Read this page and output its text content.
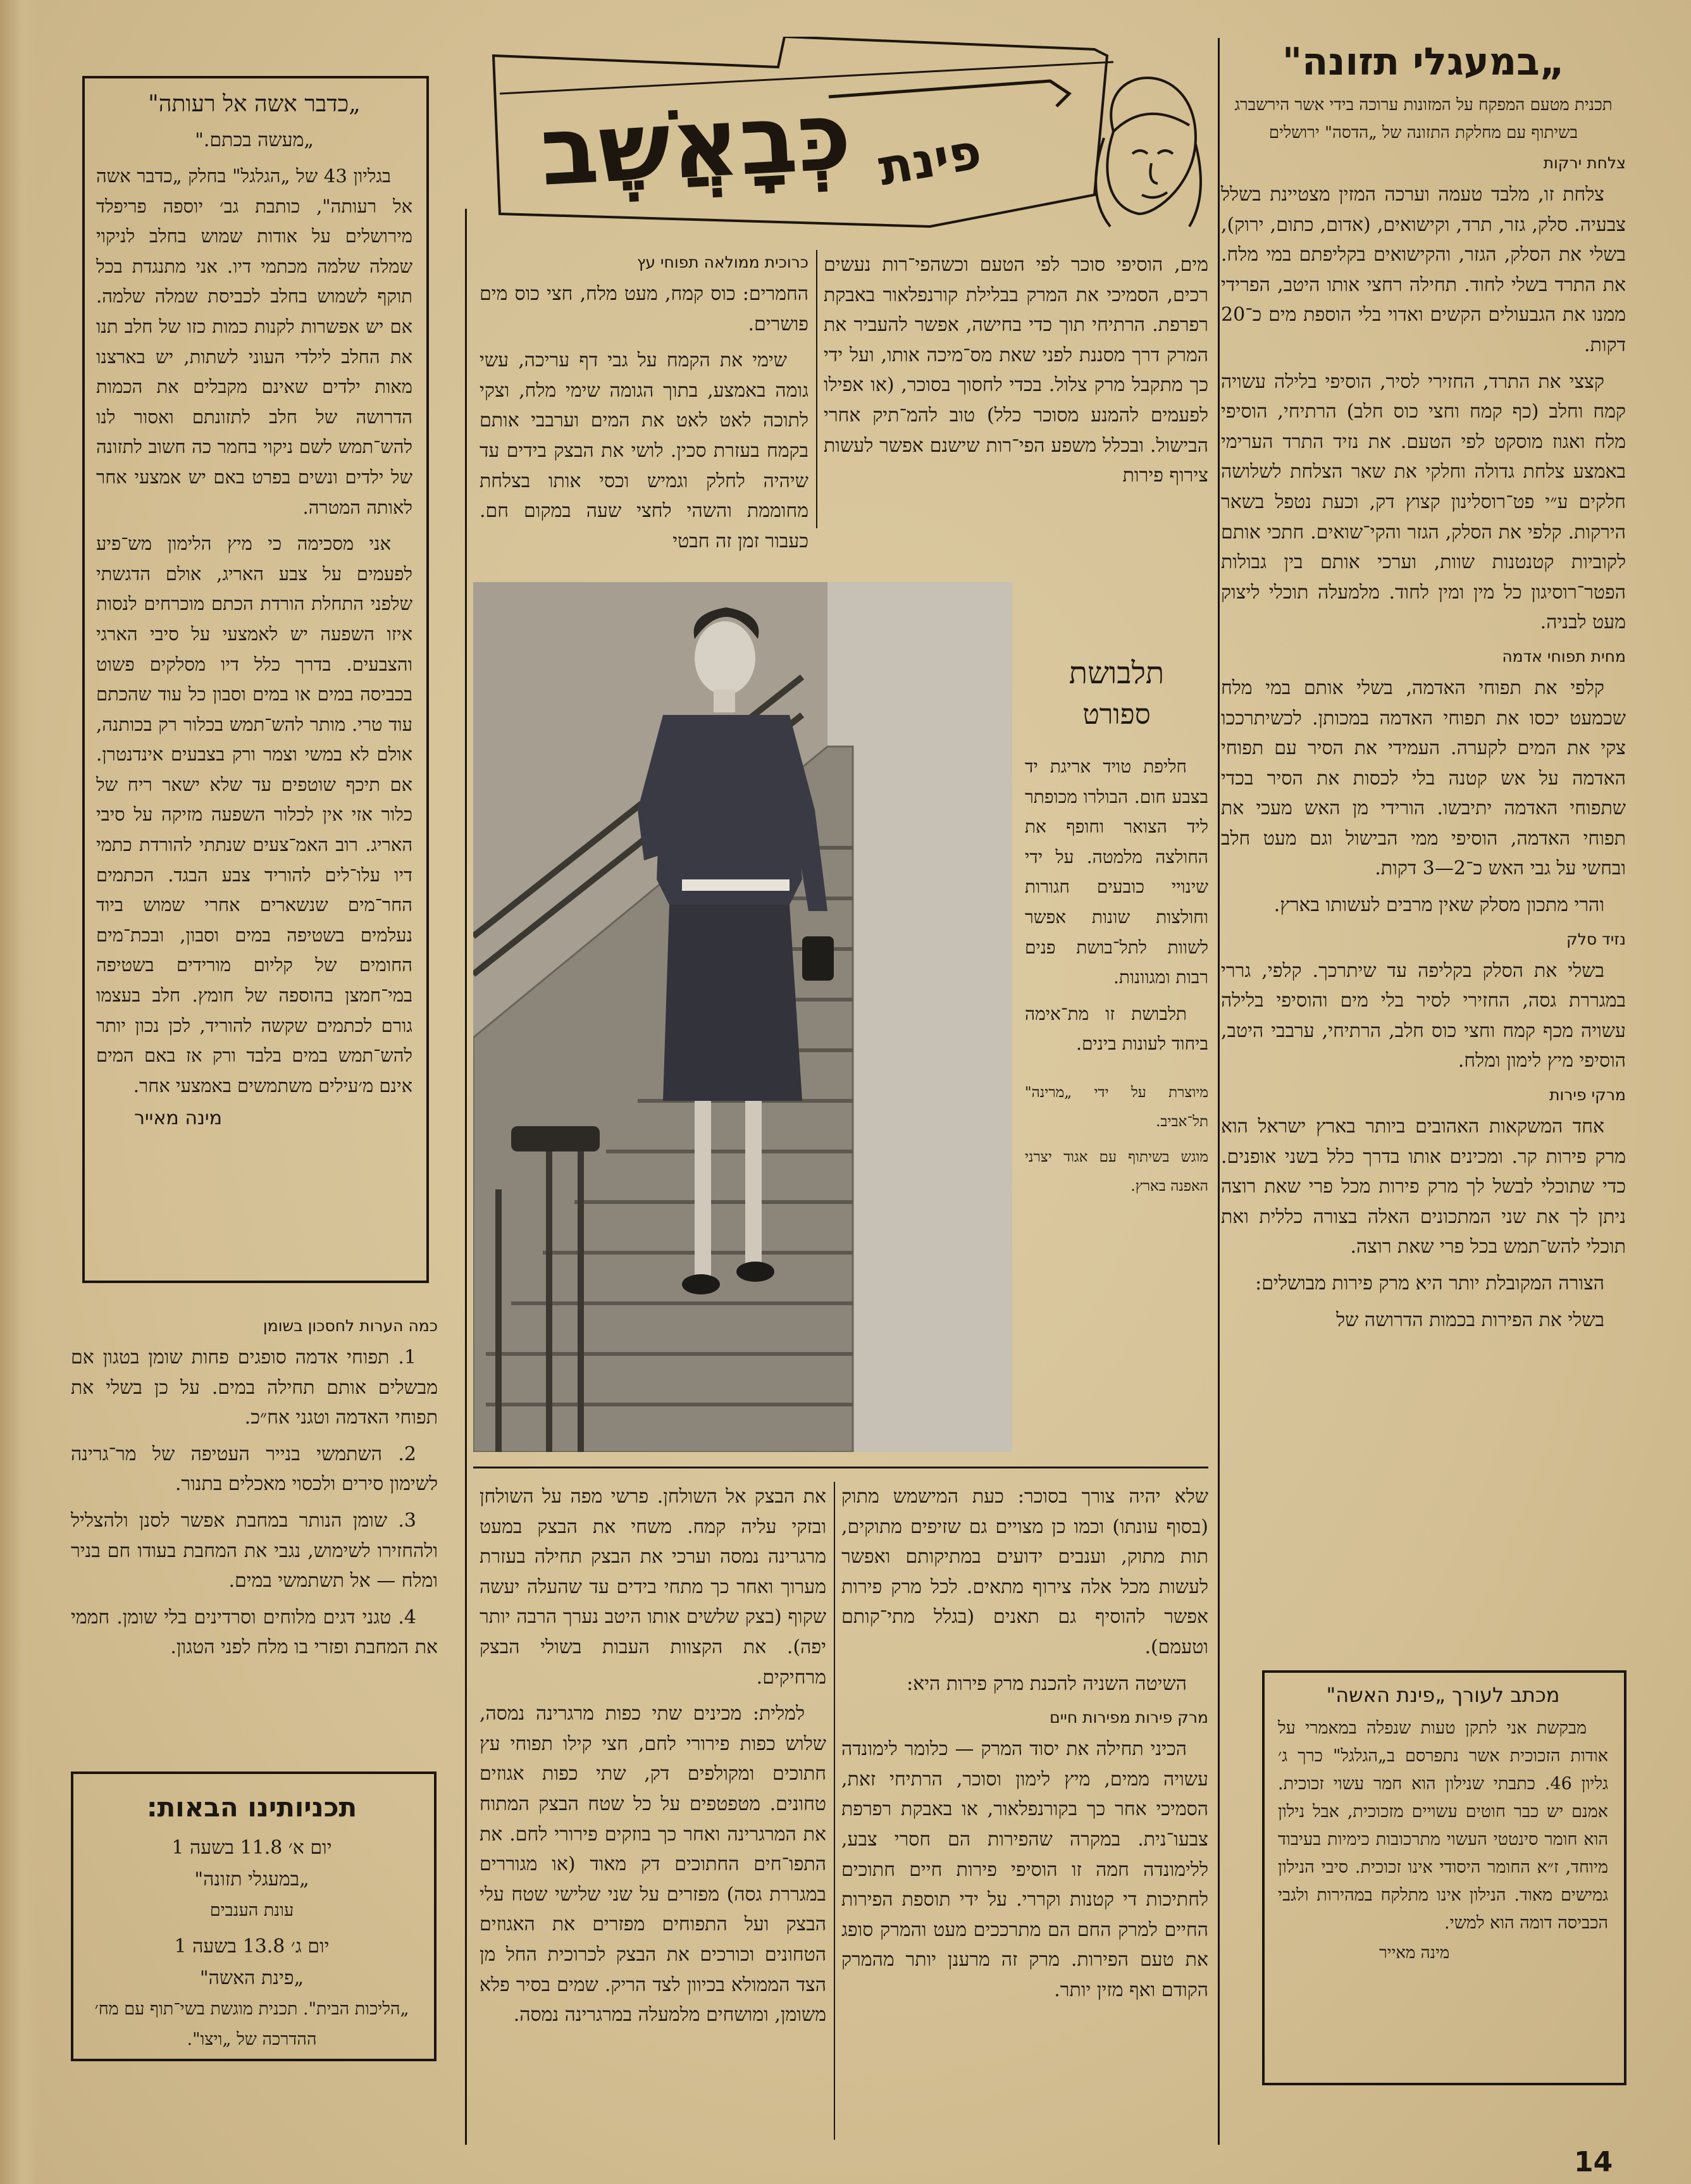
„במעגלי תזונה"
תכנית מטעם המפקח על המזונות ערוכה בידי אשר הירשברג בשיתוף עם מחלקת התזונה של „הדסה" ירושלים
צלחת ירקות

צלחת זו, מלבד טעמה וערכה המזין מצטיינת בשלל צבעיה. סלק, גזר, תרד, וקישואים, (אדום, כתום, ירוק), בשלי את הסלק, הגזר, והקישואים בקליפתם במי מלח. את התרד בשלי לחוד. תחילה רחצי אותו היטב, הפרידי ממנו את הגבעולים הקשים ואדוי בלי הוספת מים כ־20 דקות.

קצצי את התרד, החזירי לסיר, הוסיפי בלילה עשויה קמח וחלב (כף קמח וחצי כוס חלב) הרתיחי, הוסיפי מלח ואגוז מוסקט לפי הטעם. את נזיד התרד הערימי באמצע צלחת גדולה וחלקי את שאר הצלחת לשלושה חלקים ע״י פט־רוסלינון קצוץ דק, וכעת נטפל בשאר הירקות. קלפי את הסלק, הגזר והקי־שואים. חתכי אותם לקוביות קטנטנות שוות, וערכי אותם בין גבולות הפטר־רוסיגון כל מין ומין לחוד. מלמעלה תוכלי ליצוק מעט לבניה.

מחית תפוחי אדמה

קלפי את תפוחי האדמה, בשלי אותם במי מלח שכמעט יכסו את תפוחי האדמה במכותן. לכשיתרככו צקי את המים לקערה. העמידי את הסיר עם תפוחי האדמה על אש קטנה בלי לכסות את הסיר בכדי שתפוחי האדמה יתיבשו. הורידי מן האש מעכי את תפוחי האדמה, הוסיפי ממי הבישול וגם מעט חלב ובחשי על גבי האש כ־2—3 דקות.

והרי מתכון מסלק שאין מרבים לעשותו בארץ.

נזיד סלק

בשלי את הסלק בקליפה עד שיתרכך. קלפי, גררי במגררת גסה, החזירי לסיר בלי מים והוסיפי בלילה עשויה מכף קמח וחצי כוס חלב, הרתיחי, ערבבי היטב, הוסיפי מיץ לימון ומלח.

מרקי פירות

אחד המשקאות האהובים ביותר בארץ ישראל הוא מרק פירות קר. ומכינים אותו בדרך כלל בשני אופנים. כדי שתוכלי לבשל לך מרק פירות מכל פרי שאת רוצה ניתן לך את שני המתכונים האלה בצורה כללית ואת תוכלי להש־תמש בכל פרי שאת רוצה.

הצורה המקובלת יותר היא מרק פירות מבושלים:

בשלי את הפירות בכמות הדרושה של

מכתב לעורך „פינת האשה"

מבקשת אני לתקן טעות שנפלה במאמרי על אודות הזכוכית אשר נתפרסם ב„הגלגל" כרך ג׳ גליון 46. כתבתי שנילון הוא חמר עשוי זכוכית. אמנם יש כבר חוטים עשויים מזכוכית, אבל נילון הוא חומר סינטטי העשוי מתרכובות כימיות בעיבוד מיוחד, ז״א החומר היסודי אינו זכוכית. סיבי הנילון גמישים מאוד. הנילון אינו מתלקח במהירות ולגבי הכביסה דומה הוא למשי.

מינה מאייר
כְּבָאֲשֶׁב פינת

מים, הוסיפי סוכר לפי הטעם וכשהפי־רות נעשים רכים, הסמיכי את המרק בבלילת קורנפלאור באבקת רפרפת. הרתיחי תוך כדי בחישה, אפשר להעביר את המרק דרך מסננת לפני שאת מס־מיכה אותו, ועל ידי כך מתקבל מרק צלול. בכדי לחסוך בסוכר, (או אפילו לפעמים להמנע מסוכר כלל) טוב להמ־תיק אחרי הבישול. ובכלל משפע הפי־רות שישנם אפשר לעשות צירוף פירות

כרוכית ממולאה תפוחי עץ

החמרים: כוס קמח, מעט מלח, חצי כוס מים פושרים.

שימי את הקמח על גבי דף עריכה, עשי גומה באמצע, בתוך הגומה שימי מלח, וצקי לתוכה לאט לאט את המים וערבבי אותם בקמח בעזרת סכין. לושי את הבצק בידים עד שיהיה לחלק וגמיש וכסי אותו בצלחת מחוממת והשהי לחצי שעה במקום חם. כעבור זמן זה חבטי

תלבושת
ספורט

חליפת טויד אריגת יד בצבע חום. הבולרו מכופתר ליד הצואר וחופף את החולצה מלמטה. על ידי שינויי כובעים חגורות וחולצות שונות אפשר לשוות לתל־בושת פנים רבות ומגוונות.

תלבושת זו מת־אימה ביחוד לעונות בינים.

מיוצרת על ידי „מרינה" תל־אביב.

מוגש בשיתוף עם אגוד יצרני האפנה בארץ.

שלא יהיה צורך בסוכר: כעת המישמש מתוק (בסוף עונתו) וכמו כן מצויים גם שזיפים מתוקים, תות מתוק, וענבים ידועים במתיקותם ואפשר לעשות מכל אלה צירוף מתאים. לכל מרק פירות אפשר להוסיף גם תאנים (בגלל מתי־קותם וטעמם).

השיטה השניה להכנת מרק פירות היא:

מרק פירות מפירות חיים

הכיני תחילה את יסוד המרק — כלומר לימונדה עשויה ממים, מיץ לימון וסוכר, הרתיחי זאת, הסמיכי אחר כך בקורנפלאור, או באבקת רפרפת צבעו־נית. במקרה שהפירות הם חסרי צבע, ללימונדה חמה זו הוסיפי פירות חיים חתוכים לחתיכות די קטנות וקררי. על ידי תוספת הפירות החיים למרק החם הם מתרככים מעט והמרק סופג את טעם הפירות. מרק זה מרענן יותר מהמרק הקודם ואף מזין יותר.

את הבצק אל השולחן. פרשי מפה על השולחן ובזקי עליה קמח. משחי את הבצק במעט מרגרינה נמסה וערכי את הבצק תחילה בעזרת מערוך ואחר כך מתחי בידים עד שהעלה יעשה שקוף (בצק שלשים אותו היטב נערך הרבה יותר יפה). את הקצוות העבות בשולי הבצק מרחיקים.

למלית: מכינים שתי כפות מרגרינה נמסה, שלוש כפות פירורי לחם, חצי קילו תפוחי עץ חתוכים ומקולפים דק, שתי כפות אגוזים טחונים. מטפטפים על כל שטח הבצק המתוח את המרגרינה ואחר כך בוזקים פירורי לחם. את התפו־חים החתוכים דק מאוד (או מגוררים במגררת גסה) מפזרים על שני שלישי שטח עלי הבצק ועל התפוחים מפזרים את האגוזים הטחונים וכורכים את הבצק לכרוכית החל מן הצד הממולא בכיוון לצד הריק. שמים בסיר פלא משומן, ומושחים מלמעלה במרגרינה נמסה.

„כדבר אשה אל רעותה"
„מעשה בכתם."

בגליון 43 של „הגלגל" בחלק „כדבר אשה אל רעותה", כותבת גב׳ יוספה פריפלד מירושלים על אודות שמוש בחלב לניקוי שמלה שלמה מכתמי דיו. אני מתנגדת בכל תוקף לשמוש בחלב לכביסת שמלה שלמה. אם יש אפשרות לקנות כמות כזו של חלב תנו את החלב לילדי העוני לשתות, יש בארצנו מאות ילדים שאינם מקבלים את הכמות הדרושה של חלב לתזונתם ואסור לנו להש־תמש לשם ניקוי בחמר כה חשוב לתזונה של ילדים ונשים בפרט באם יש אמצעי אחר לאותה המטרה.

אני מסכימה כי מיץ הלימון מש־פיע לפעמים על צבע האריג, אולם הדגשתי שלפני התחלת הורדת הכתם מוכרחים לנסות איזו השפעה יש לאמצעי על סיבי הארגי והצבעים. בדרך כלל דיו מסלקים פשוט בכביסה במים או במים וסבון כל עוד שהכתם עוד טרי. מותר להש־תמש בכלור רק בכותנה, אולם לא במשי וצמר ורק בצבעים אינדנטרן. אם תיכף שוטפים עד שלא ישאר ריח של כלור אזי אין לכלור השפעה מזיקה על סיבי האריג. רוב האמ־צעים שנתתי להורדת כתמי דיו עלו־לים להוריד צבע הבגד. הכתמים החר־מים שנשארים אחרי שמוש ביוד נעלמים בשטיפה במים וסבון, ובכת־מים החומים של קליום מורידים בשטיפה במי־חמצן בהוספה של חומץ. חלב בעצמו גורם לכתמים שקשה להוריד, לכן נכון יותר להש־תמש במים בלבד ורק אז באם המים אינם מ׳עילים משתמשים באמצעי אחר.

מינה מאייר
כמה הערות לחסכון בשומן

1. תפוחי אדמה סופגים פחות שומן בטגון אם מבשלים אותם תחילה במים. על כן בשלי את תפוחי האדמה וטגני אח״כ.

2. השתמשי בנייר העטיפה של מר־גרינה לשימון סירים ולכסוי מאכלים בתנור.

3. שומן הנותר במחבת אפשר לסנן ולהצליל ולהחזירו לשימוש, נגבי את המחבת בעודו חם בניר ומלח — אל תשתמשי במים.

4. טגני דגים מלוחים וסרדינים בלי שומן. חממי את המחבת ופזרי בו מלח לפני הטגון.

תכניותינו הבאות:
יום א׳ 11.8 בשעה 1
„במעגלי תזונה"
עונת הענבים
יום ג׳ 13.8 בשעה 1
„פינת האשה"
„הליכות הבית". תכנית מוגשת בשי־תוף עם מח׳ ההדרכה של „ויצו".
14
